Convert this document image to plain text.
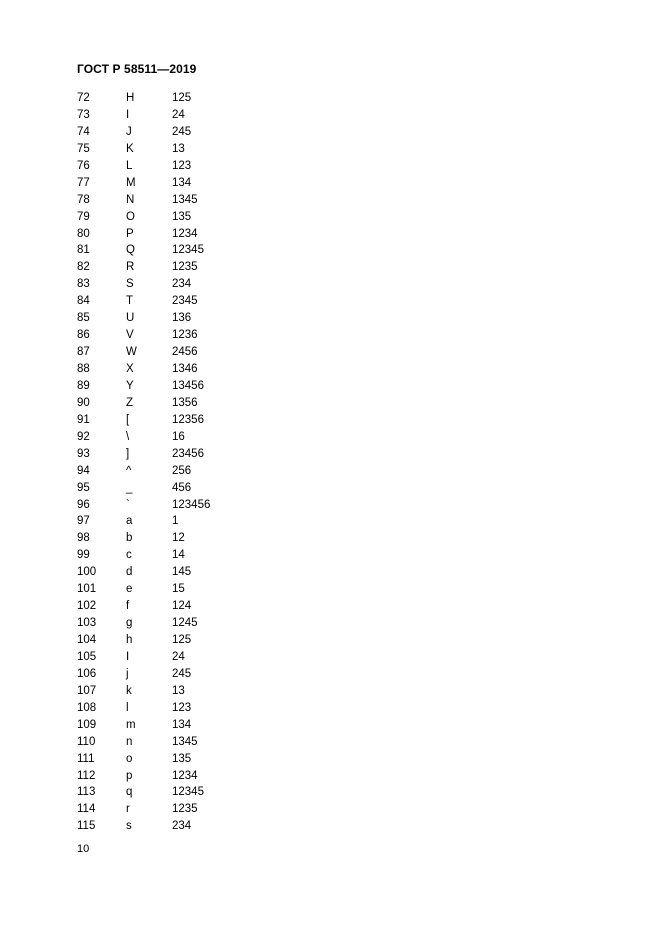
ГОСТ Р 58511—2019
72	H	125
73	I	24
74	J	245
75	K	13
76	L	123
77	M	134
78	N	1345
79	O	135
80	P	1234
81	Q	12345
82	R	1235
83	S	234
84	T	2345
85	U	136
86	V	1236
87	W	2456
88	X	1346
89	Y	13456
90	Z	1356
91	[	12356
92	\	16
93	]	23456
94	^	256
95	_	456
96	`	123456
97	a	1
98	b	12
99	c	14
100	d	145
101	e	15
102	f	124
103	g	1245
104	h	125
105	I	24
106	j	245
107	k	13
108	l	123
109	m	134
110	n	1345
111	o	135
112	p	1234
113	q	12345
114	r	1235
115	s	234
10
